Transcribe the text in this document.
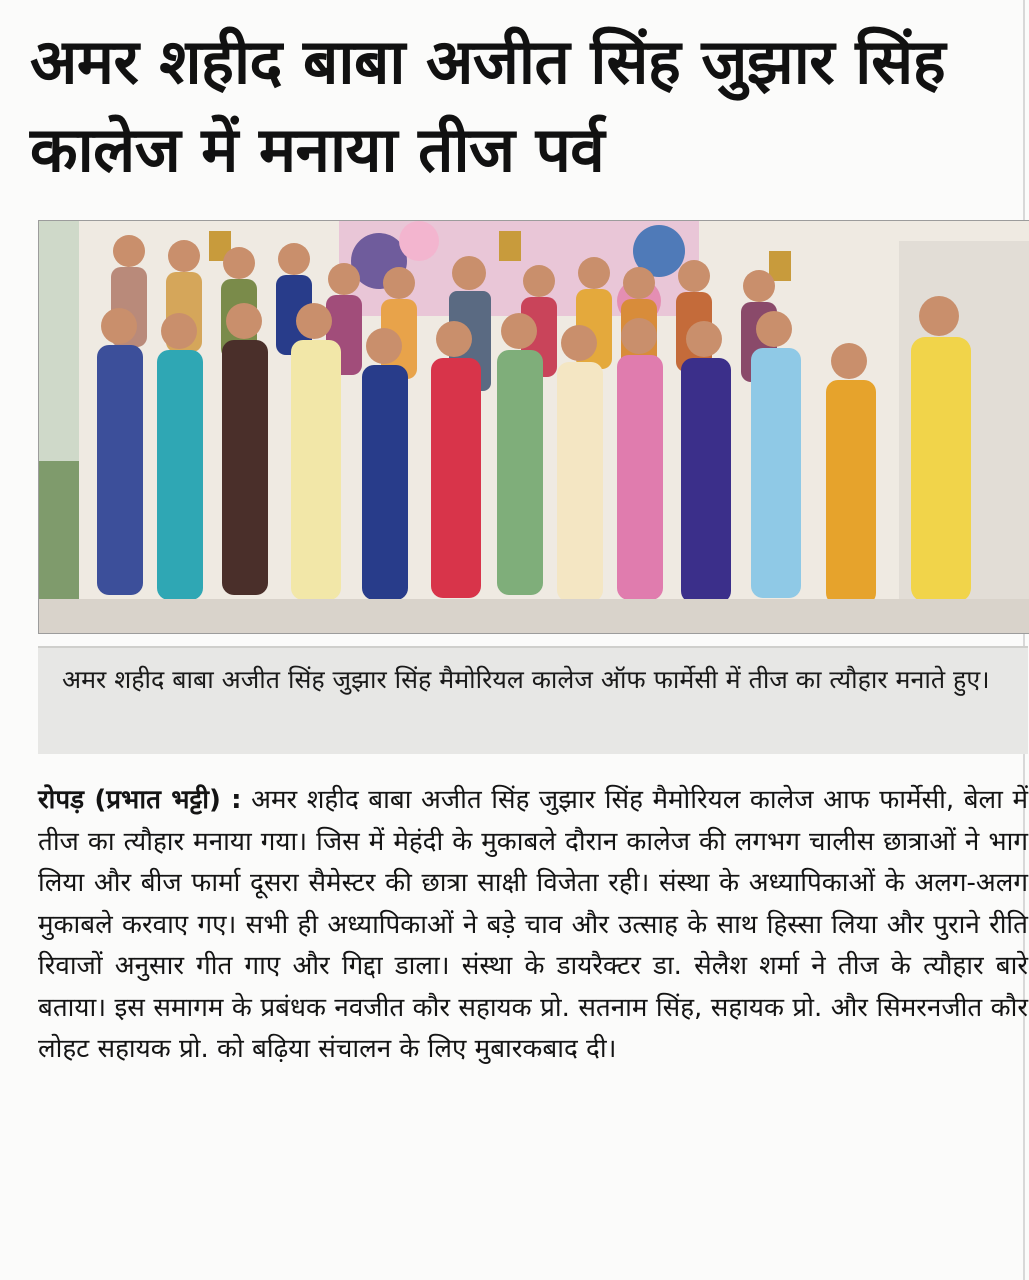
अमर शहीद बाबा अजीत सिंह जुझार सिंह कालेज में मनाया तीज पर्व
अमर शहीद बाबा अजीत सिंह जुझार सिंह मैमोरियल कालेज ऑफ फार्मेसी में तीज का त्यौहार मनाते हुए।

रोपड़ (प्रभात भट्टी) : अमर शहीद बाबा अजीत सिंह जुझार सिंह मैमोरियल कालेज आफ फार्मेसी, बेला में तीज का त्यौहार मनाया गया। जिस में मेहंदी के मुकाबले दौरान कालेज की लगभग चालीस छात्राओं ने भाग लिया और बीज फार्मा दूसरा सैमेस्टर की छात्रा साक्षी विजेता रही। संस्था के अध्यापिकाओं के अलग-अलग मुकाबले करवाए गए। सभी ही अध्यापिकाओं ने बड़े चाव और उत्साह के साथ हिस्सा लिया और पुराने रीति रिवाजों अनुसार गीत गाए और गिद्दा डाला। संस्था के डायरैक्टर डा. सेलैश शर्मा ने तीज के त्यौहार बारे बताया। इस समागम के प्रबंधक नवजीत कौर सहायक प्रो. सतनाम सिंह, सहायक प्रो. और सिमरनजीत कौर लोहट सहायक प्रो. को बढ़िया संचालन के लिए मुबारकबाद दी।
